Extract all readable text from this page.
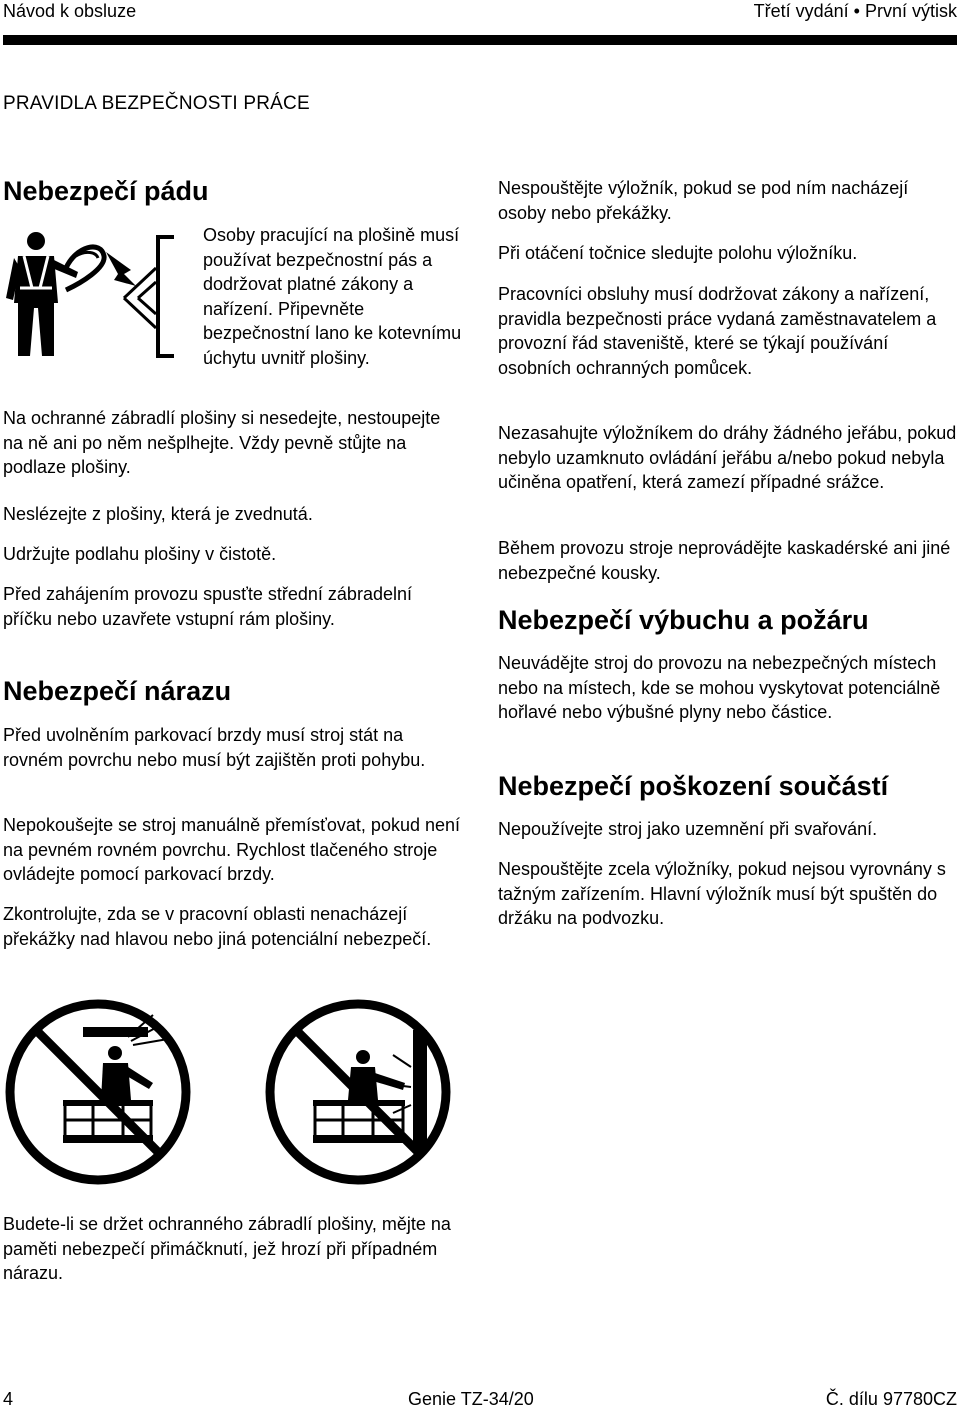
Návod k obsluze	Třetí vydání • První výtisk
PRAVIDLA BEZPEČNOSTI PRÁCE
Nebezpečí pádu

Osoby pracující na plošině musí používat bezpečnostní pás a dodržovat platné zákony a nařízení. Připevněte bezpečnostní lano ke kotevnímu úchytu uvnitř plošiny.

Na ochranné zábradlí plošiny si nesedejte, nestoupejte na ně ani po něm nešplhejte. Vždy pevně stůjte na podlaze plošiny.

Neslézejte z plošiny, která je zvednutá.

Udržujte podlahu plošiny v čistotě.

Před zahájením provozu spusťte střední zábradelní příčku nebo uzavřete vstupní rám plošiny.

Nebezpečí nárazu

Před uvolněním parkovací brzdy musí stroj stát na rovném povrchu nebo musí být zajištěn proti pohybu.

Nepokoušejte se stroj manuálně přemísťovat, pokud není na pevném rovném povrchu. Rychlost tlačeného stroje ovládejte pomocí parkovací brzdy.

Zkontrolujte, zda se v pracovní oblasti nenacházejí překážky nad hlavou nebo jiná potenciální nebezpečí.

Budete-li se držet ochranného zábradlí plošiny, mějte na paměti nebezpečí přimáčknutí, jež hrozí při případném nárazu.

Nespouštějte výložník, pokud se pod ním nacházejí osoby nebo překážky.

Při otáčení točnice sledujte polohu výložníku.

Pracovníci obsluhy musí dodržovat zákony a nařízení, pravidla bezpečnosti práce vydaná zaměstnavatelem a provozní řád staveniště, které se týkají používání osobních ochranných pomůcek.

Nezasahujte výložníkem do dráhy žádného jeřábu, pokud nebylo uzamknuto ovládání jeřábu a/nebo pokud nebyla učiněna opatření, která zamezí případné srážce.

Během provozu stroje neprovádějte kaskadérské ani jiné nebezpečné kousky.

Nebezpečí výbuchu a požáru

Neuvádějte stroj do provozu na nebezpečných místech nebo na místech, kde se mohou vyskytovat potenciálně hořlavé nebo výbušné plyny nebo částice.

Nebezpečí poškození součástí

Nepoužívejte stroj jako uzemnění při svařování.

Nespouštějte zcela výložníky, pokud nejsou vyrovnány s tažným zařízením. Hlavní výložník musí být spuštěn do držáku na podvozku.

4	Genie TZ-34/20	Č. dílu 97780CZ
